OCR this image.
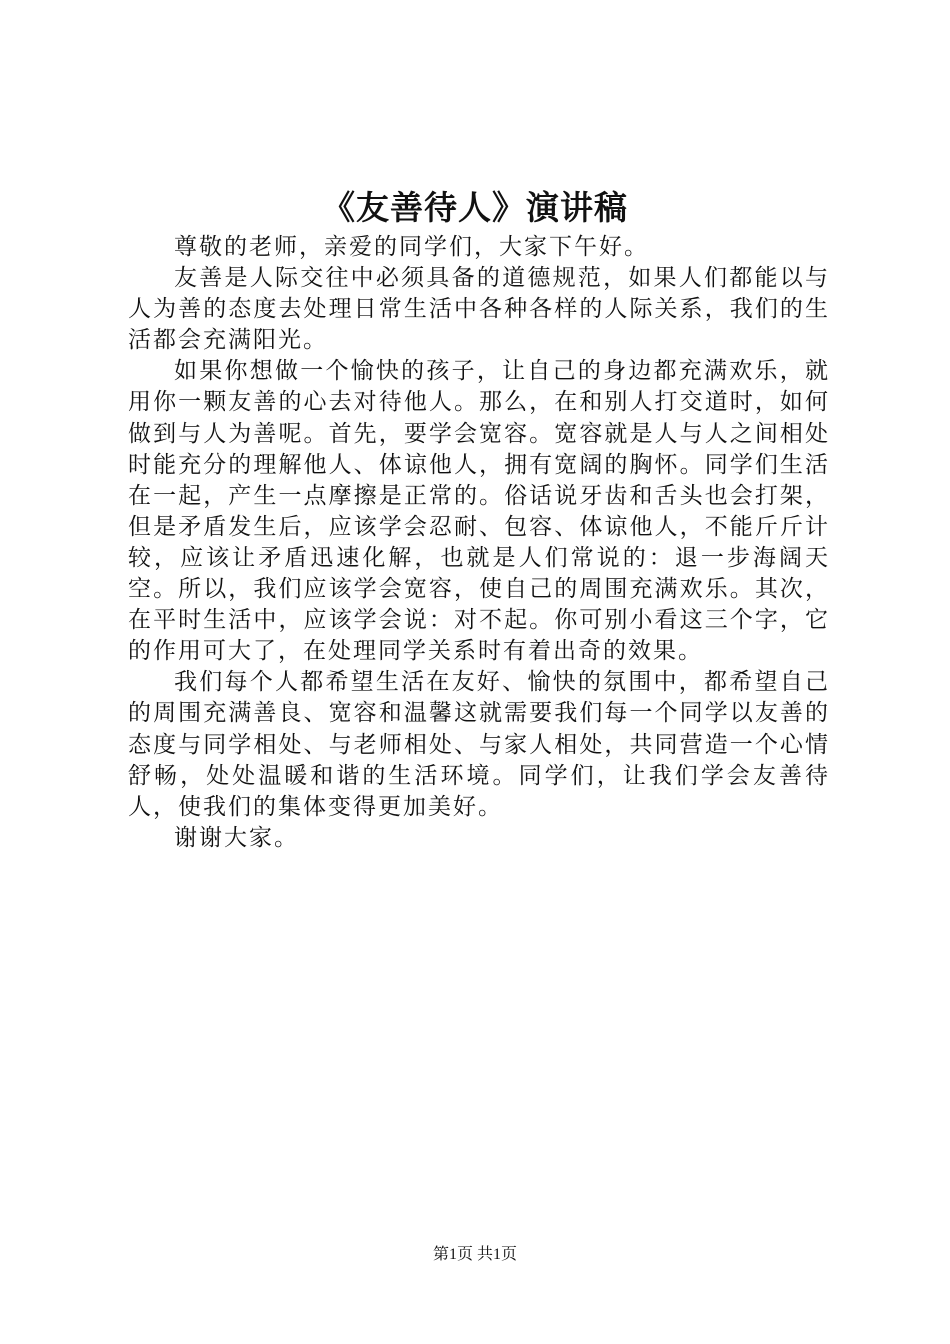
《友善待人》演讲稿

尊敬的老师，亲爱的同学们，大家下午好。

友善是人际交往中必须具备的道德规范，如果人们都能以与人为善的态度去处理日常生活中各种各样的人际关系，我们的生活都会充满阳光。

如果你想做一个愉快的孩子，让自己的身边都充满欢乐，就用你一颗友善的心去对待他人。那么，在和别人打交道时，如何做到与人为善呢。首先，要学会宽容。宽容就是人与人之间相处时能充分的理解他人、体谅他人，拥有宽阔的胸怀。同学们生活在一起，产生一点摩擦是正常的。俗话说牙齿和舌头也会打架，但是矛盾发生后，应该学会忍耐、包容、体谅他人，不能斤斤计较，应该让矛盾迅速化解，也就是人们常说的：退一步海阔天空。所以，我们应该学会宽容，使自己的周围充满欢乐。其次，在平时生活中，应该学会说：对不起。你可别小看这三个字，它的作用可大了，在处理同学关系时有着出奇的效果。

我们每个人都希望生活在友好、愉快的氛围中，都希望自己的周围充满善良、宽容和温馨这就需要我们每一个同学以友善的态度与同学相处、与老师相处、与家人相处，共同营造一个心情舒畅，处处温暖和谐的生活环境。同学们，让我们学会友善待人，使我们的集体变得更加美好。

谢谢大家。

第1页 共1页
